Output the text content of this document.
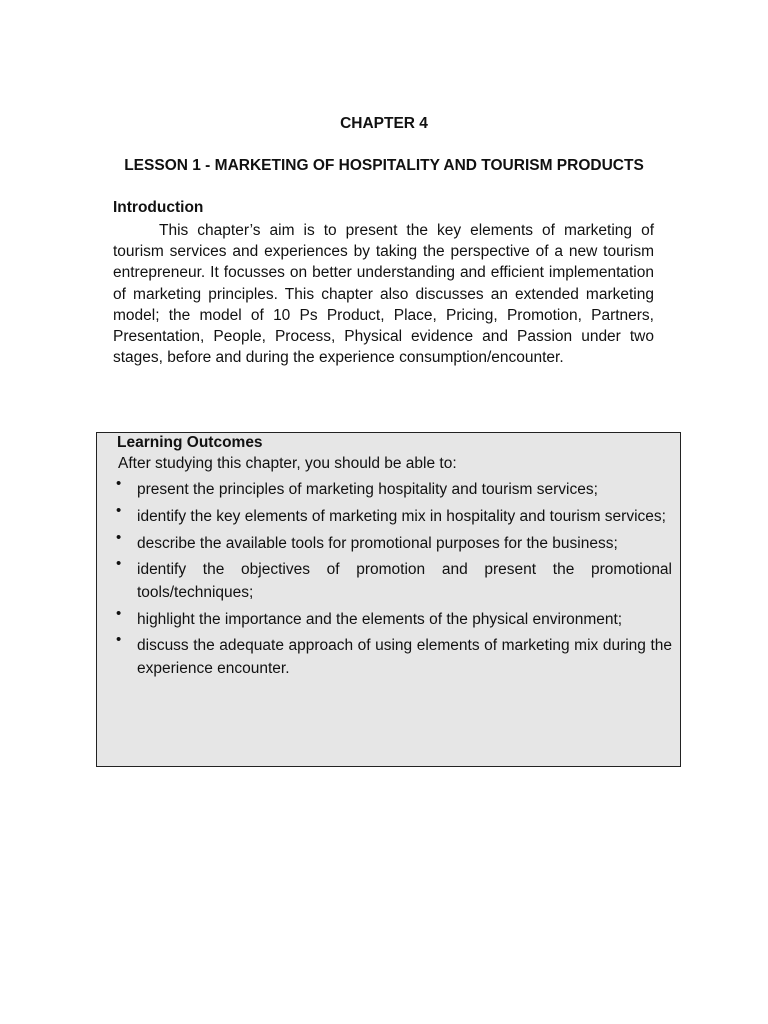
CHAPTER 4
LESSON 1 - MARKETING OF HOSPITALITY AND TOURISM PRODUCTS
Introduction

This chapter’s aim is to present the key elements of marketing of tourism services and experiences by taking the perspective of a new tourism entrepreneur. It focusses on better understanding and efficient implementation of marketing principles. This chapter also discusses an extended marketing model; the model of 10 Ps Product, Place, Pricing, Promotion, Partners, Presentation, People, Process, Physical evidence and Passion under two stages, before and during the experience consumption/encounter.

Learning Outcomes
After studying this chapter, you should be able to:
• present the principles of marketing hospitality and tourism services;
• identify the key elements of marketing mix in hospitality and tourism services;
• describe the available tools for promotional purposes for the business;
• identify the objectives of promotion and present the promotional tools/techniques;
• highlight the importance and the elements of the physical environment;
• discuss the adequate approach of using elements of marketing mix during the experience encounter.
